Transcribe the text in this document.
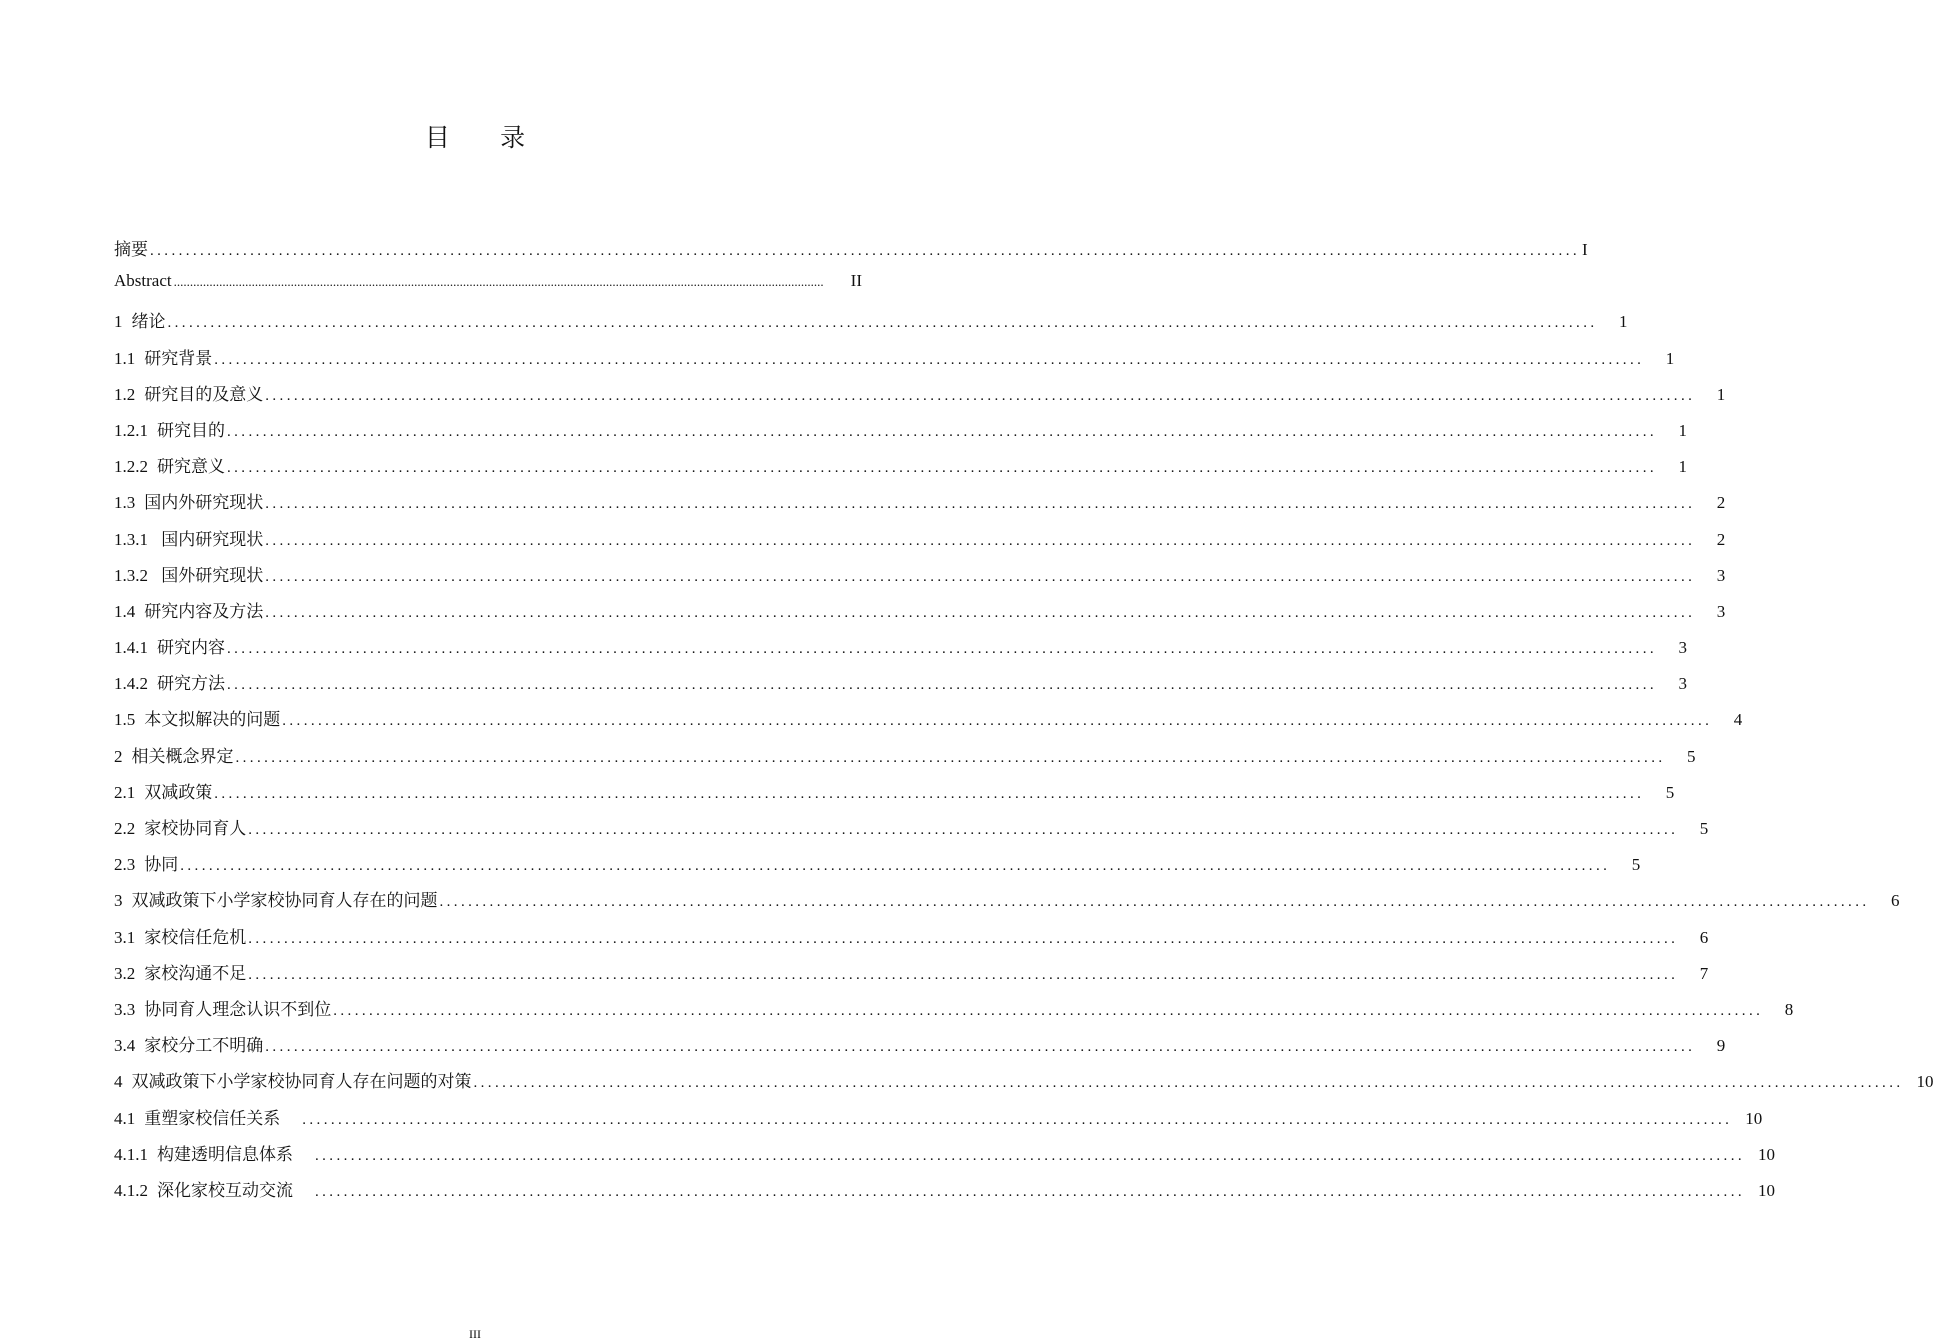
目 录
摘要 ........................................................................................................................................................................................................ I
Abstract ........................................................................................................................................................................................................	II
1 绪论 ........................................................................................................................................................................................................	1
1.1 研究背景 ........................................................................................................................................................................................................	1
1.2 研究目的及意义 ........................................................................................................................................................................................................	1
1.2.1 研究目的 ........................................................................................................................................................................................................	1
1.2.2 研究意义 ........................................................................................................................................................................................................	1
1.3 国内外研究现状 ........................................................................................................................................................................................................	2
1.3.1 国内研究现状 ........................................................................................................................................................................................................	2
1.3.2 国外研究现状 ........................................................................................................................................................................................................	3
1.4 研究内容及方法 ........................................................................................................................................................................................................	3
1.4.1 研究内容 ........................................................................................................................................................................................................	3
1.4.2 研究方法 ........................................................................................................................................................................................................	3
1.5 本文拟解决的问题 ........................................................................................................................................................................................................	4
2 相关概念界定 ........................................................................................................................................................................................................	5
2.1 双减政策 ........................................................................................................................................................................................................	5
2.2 家校协同育人 ........................................................................................................................................................................................................	5
2.3 协同 ........................................................................................................................................................................................................	5
3 双减政策下小学家校协同育人存在的问题 ........................................................................................................................................................................................................	6
3.1 家校信任危机 ........................................................................................................................................................................................................	6
3.2 家校沟通不足 ........................................................................................................................................................................................................	7
3.3 协同育人理念认识不到位 ........................................................................................................................................................................................................	8
3.4 家校分工不明确 ........................................................................................................................................................................................................	9
4 双减政策下小学家校协同育人存在问题的对策 ........................................................................................................................................................................................................ 10
4.1 重塑家校信任关系 ........................................................................................................................................................................................................ 10
4.1.1 构建透明信息体系 ........................................................................................................................................................................................................ 10
4.1.2 深化家校互动交流 ........................................................................................................................................................................................................ 10
III
